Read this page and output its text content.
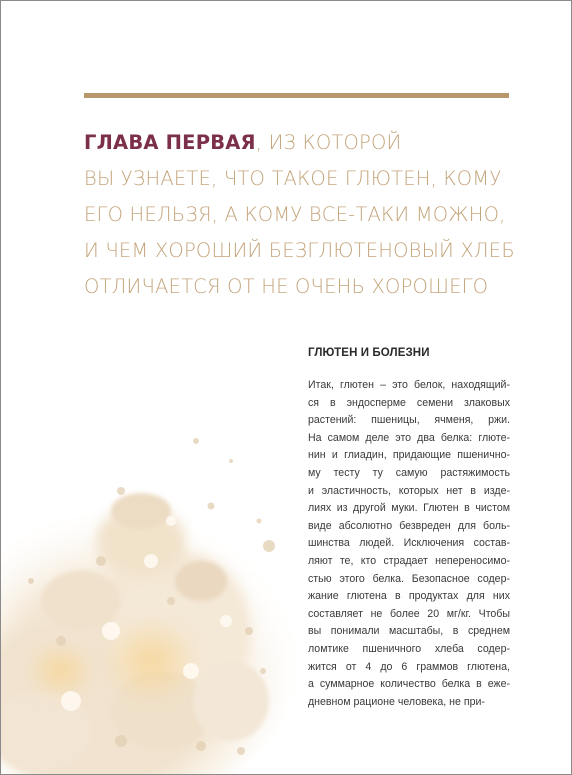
ГЛАВА ПЕРВАЯ, ИЗ КОТОРОЙ
ВЫ УЗНАЕТЕ, ЧТО ТАКОЕ ГЛЮТЕН, КОМУ
ЕГО НЕЛЬЗЯ, А КОМУ ВСЕ-ТАКИ МОЖНО,
И ЧЕМ ХОРОШИЙ БЕЗГЛЮТЕНОВЫЙ ХЛЕБ
ОТЛИЧАЕТСЯ ОТ НЕ ОЧЕНЬ ХОРОШЕГО
ГЛЮТЕН И БОЛЕЗНИ
Итак, глютен – это белок, находящий-
ся в эндосперме семени злаковых
растений: пшеницы, ячменя, ржи.
На самом деле это два белка: глюте-
нин и глиадин, придающие пшенично-
му тесту ту самую растяжимость
и эластичность, которых нет в изде-
лиях из другой муки. Глютен в чистом
виде абсолютно безвреден для боль-
шинства людей. Исключения состав-
ляют те, кто страдает непереносимо-
стью этого белка. Безопасное содер-
жание глютена в продуктах для них
составляет не более 20 мг/кг. Чтобы
вы понимали масштабы, в среднем
ломтике пшеничного хлеба содер-
жится от 4 до 6 граммов глютена,
а суммарное количество белка в еже-
дневном рационе человека, не при-
